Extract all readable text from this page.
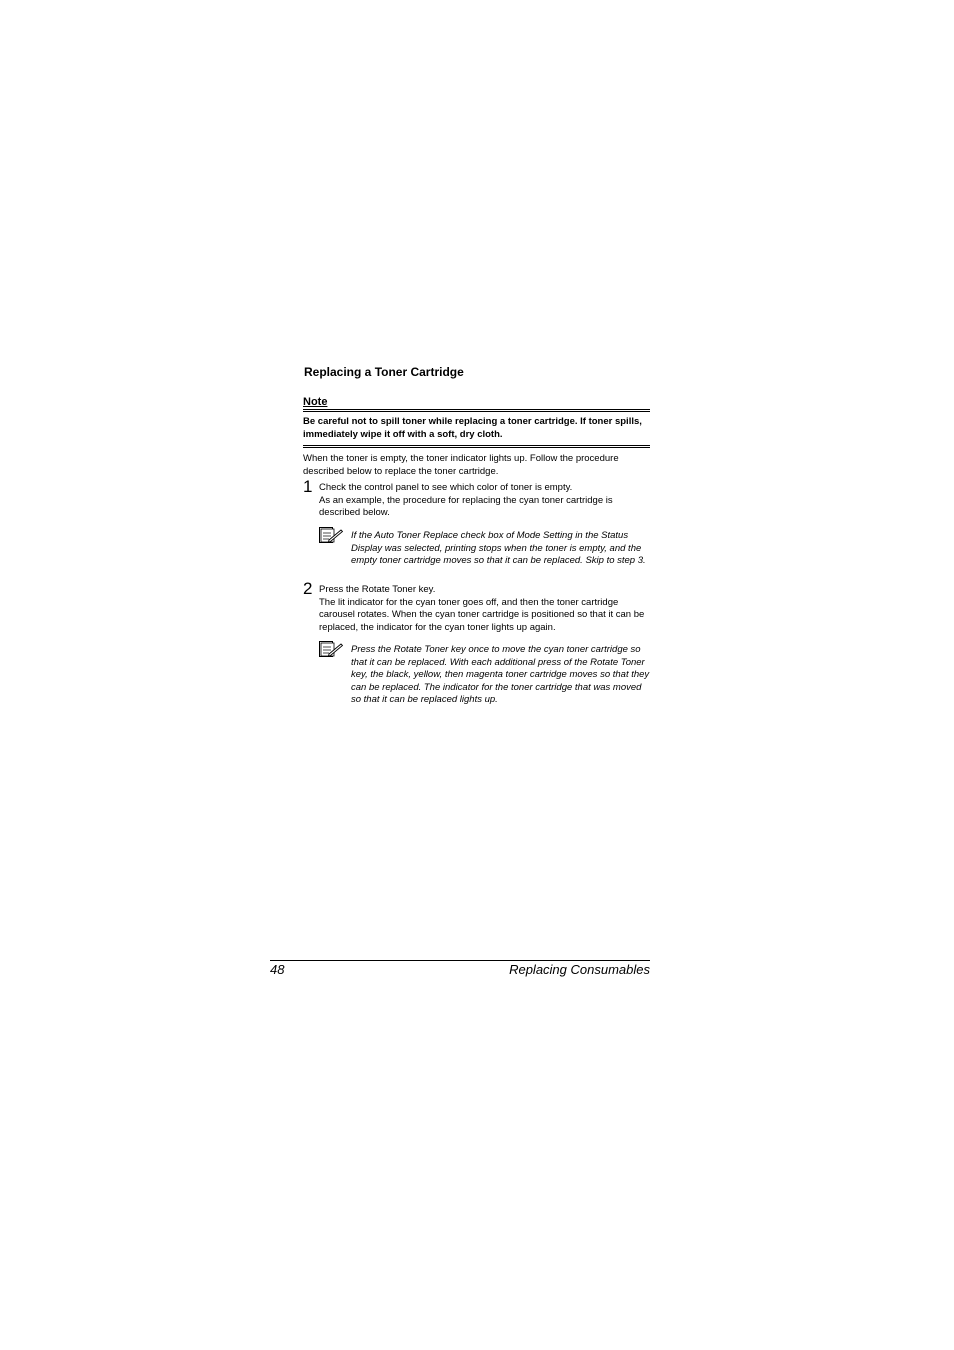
Replacing a Toner Cartridge
Note
Be careful not to spill toner while replacing a toner cartridge. If toner spills, immediately wipe it off with a soft, dry cloth.
When the toner is empty, the toner indicator lights up. Follow the procedure described below to replace the toner cartridge.
1 Check the control panel to see which color of toner is empty.
As an example, the procedure for replacing the cyan toner cartridge is described below.
If the Auto Toner Replace check box of Mode Setting in the Status Display was selected, printing stops when the toner is empty, and the empty toner cartridge moves so that it can be replaced. Skip to step 3.
2 Press the Rotate Toner key.
The lit indicator for the cyan toner goes off, and then the toner cartridge carousel rotates. When the cyan toner cartridge is positioned so that it can be replaced, the indicator for the cyan toner lights up again.
Press the Rotate Toner key once to move the cyan toner cartridge so that it can be replaced. With each additional press of the Rotate Toner key, the black, yellow, then magenta toner cartridge moves so that they can be replaced. The indicator for the toner cartridge that was moved so that it can be replaced lights up.
48	Replacing Consumables
